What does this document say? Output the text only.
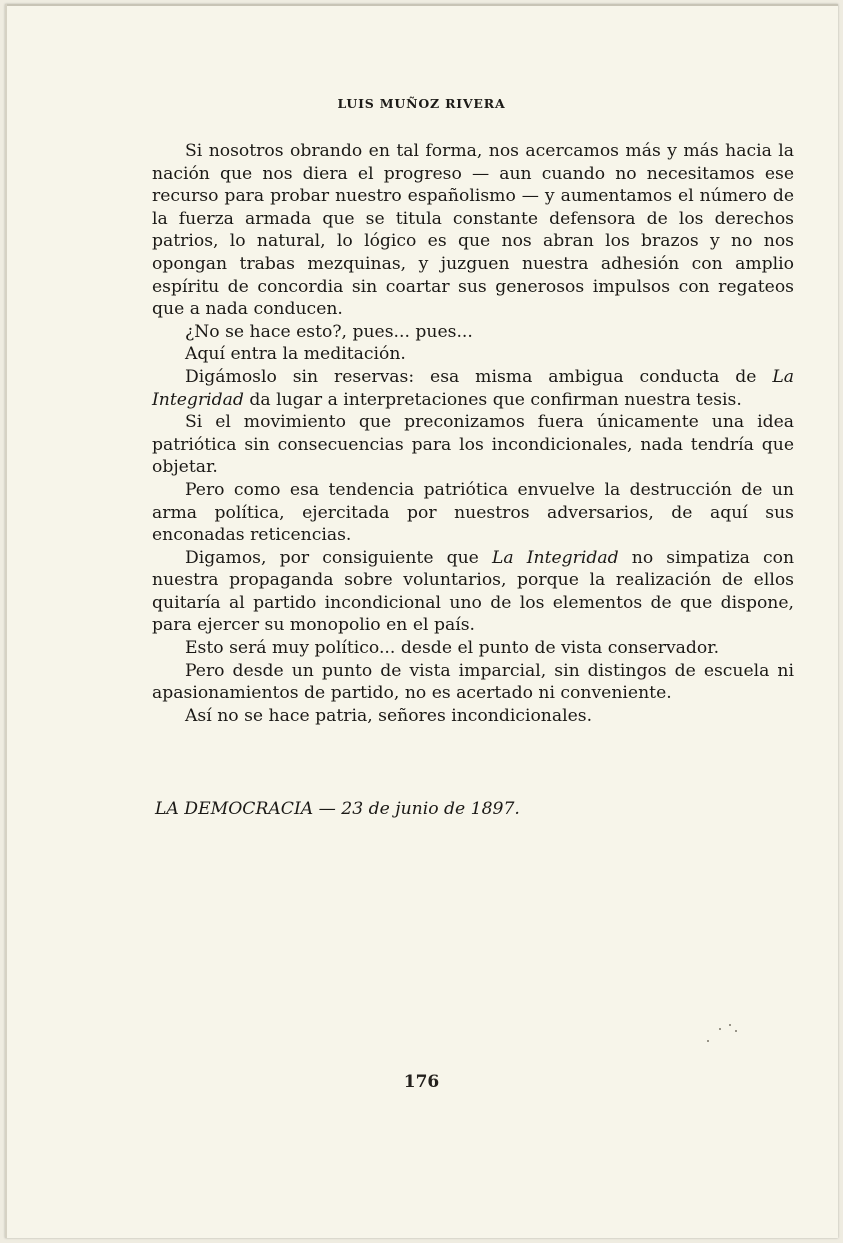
LUIS MUÑOZ RIVERA

Si nosotros obrando en tal forma, nos acercamos más y más hacia la nación que nos diera el progreso — aun cuando no necesitamos ese recurso para probar nuestro españolismo — y aumentamos el número de la fuerza armada que se titula constante defensora de los derechos patrios, lo natural, lo lógico es que nos abran los brazos y no nos opongan trabas mezquinas, y juzguen nuestra adhesión con amplio espíritu de concordia sin coartar sus generosos impulsos con regateos que a nada conducen.

¿No se hace esto?, pues... pues...

Aquí entra la meditación.

Digámoslo sin reservas: esa misma ambigua conducta de La Integridad da lugar a interpretaciones que confirman nuestra tesis.

Si el movimiento que preconizamos fuera únicamente una idea patriótica sin consecuencias para los incondicionales, nada tendría que objetar.

Pero como esa tendencia patriótica envuelve la destrucción de un arma política, ejercitada por nuestros adversarios, de aquí sus enconadas reticencias.

Digamos, por consiguiente que La Integridad no simpatiza con nuestra propaganda sobre voluntarios, porque la realización de ellos quitaría al partido incondicional uno de los elementos de que dispone, para ejercer su monopolio en el país.

Esto será muy político... desde el punto de vista conservador.

Pero desde un punto de vista imparcial, sin distingos de escuela ni apasionamientos de partido, no es acertado ni conveniente.

Así no se hace patria, señores incondicionales.

LA DEMOCRACIA — 23 de junio de 1897.
176
